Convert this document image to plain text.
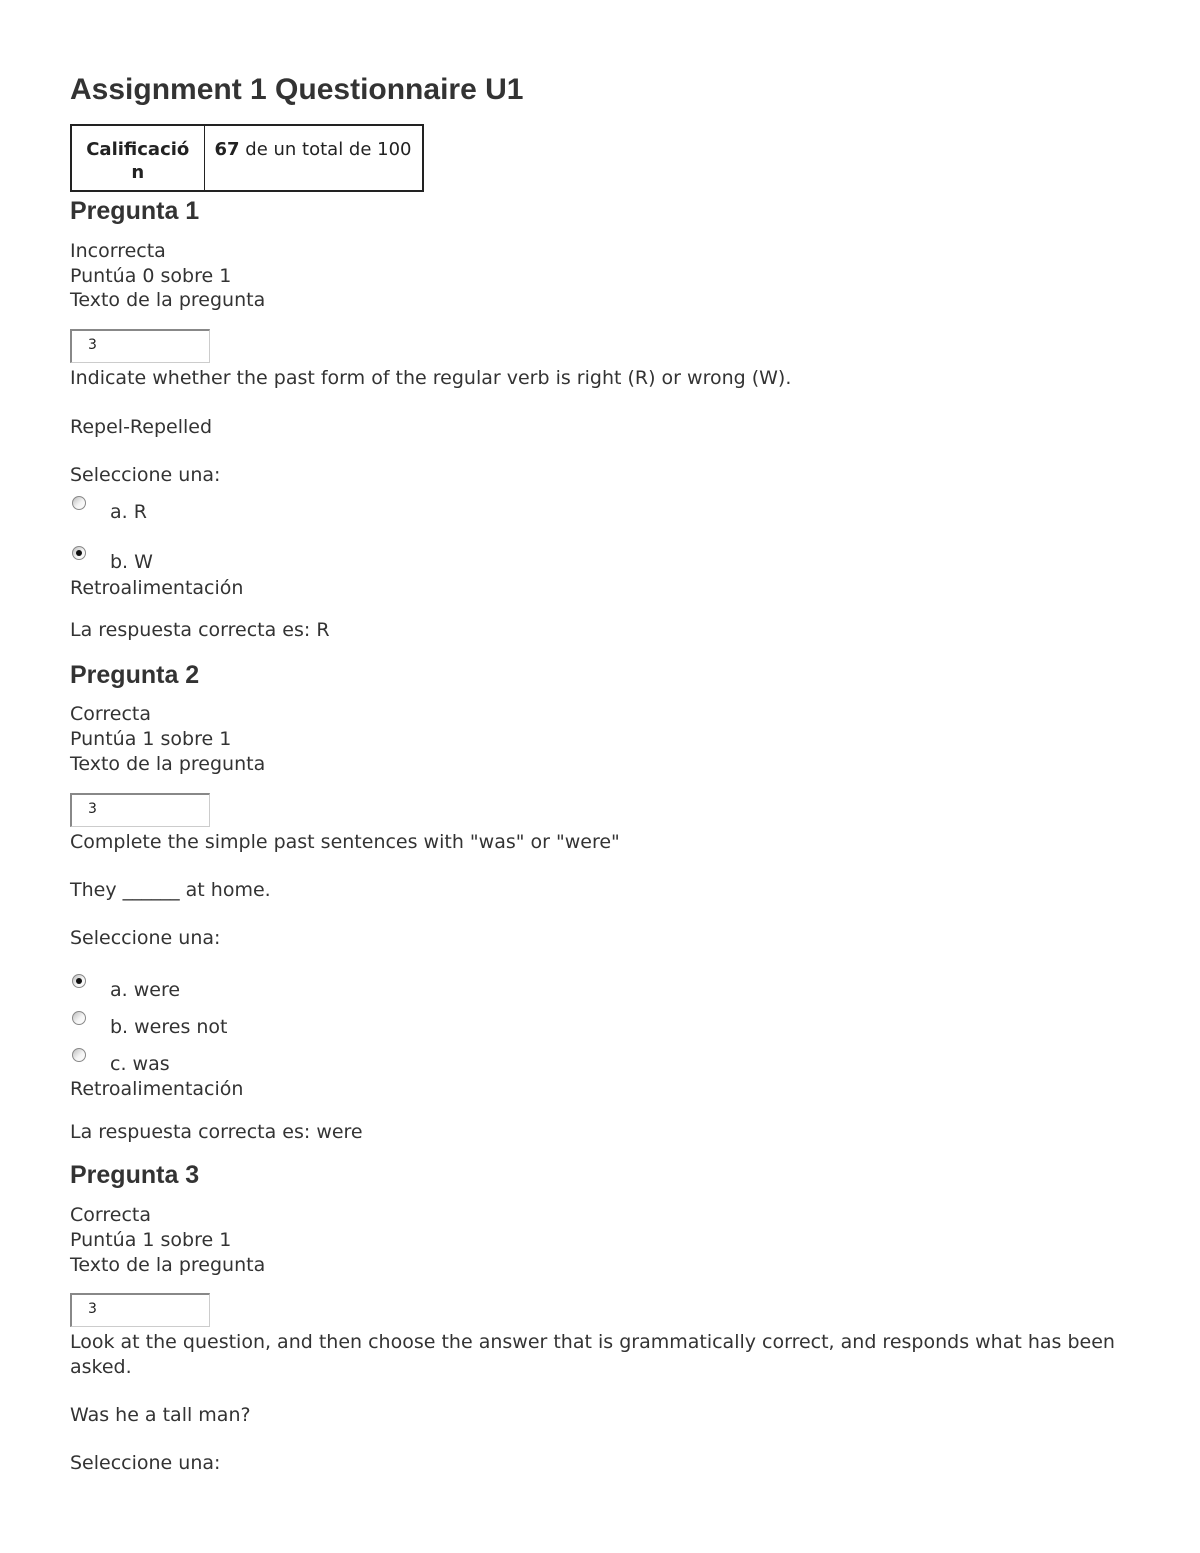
Assignment 1 Questionnaire U1
Calificación	67 de un total de 100
Pregunta 1
Incorrecta
Puntúa 0 sobre 1
Texto de la pregunta
3
Indicate whether the past form of the regular verb is right (R) or wrong (W).
Repel-Repelled
Seleccione una:
a. R
b. W
Retroalimentación
La respuesta correcta es: R
Pregunta 2
Correcta
Puntúa 1 sobre 1
Texto de la pregunta
3
Complete the simple past sentences with "was" or "were"
They ______ at home.
Seleccione una:
a. were
b. weres not
c. was
Retroalimentación
La respuesta correcta es: were
Pregunta 3
Correcta
Puntúa 1 sobre 1
Texto de la pregunta
3
Look at the question, and then choose the answer that is grammatically correct, and responds what has been asked.
Was he a tall man?
Seleccione una:
